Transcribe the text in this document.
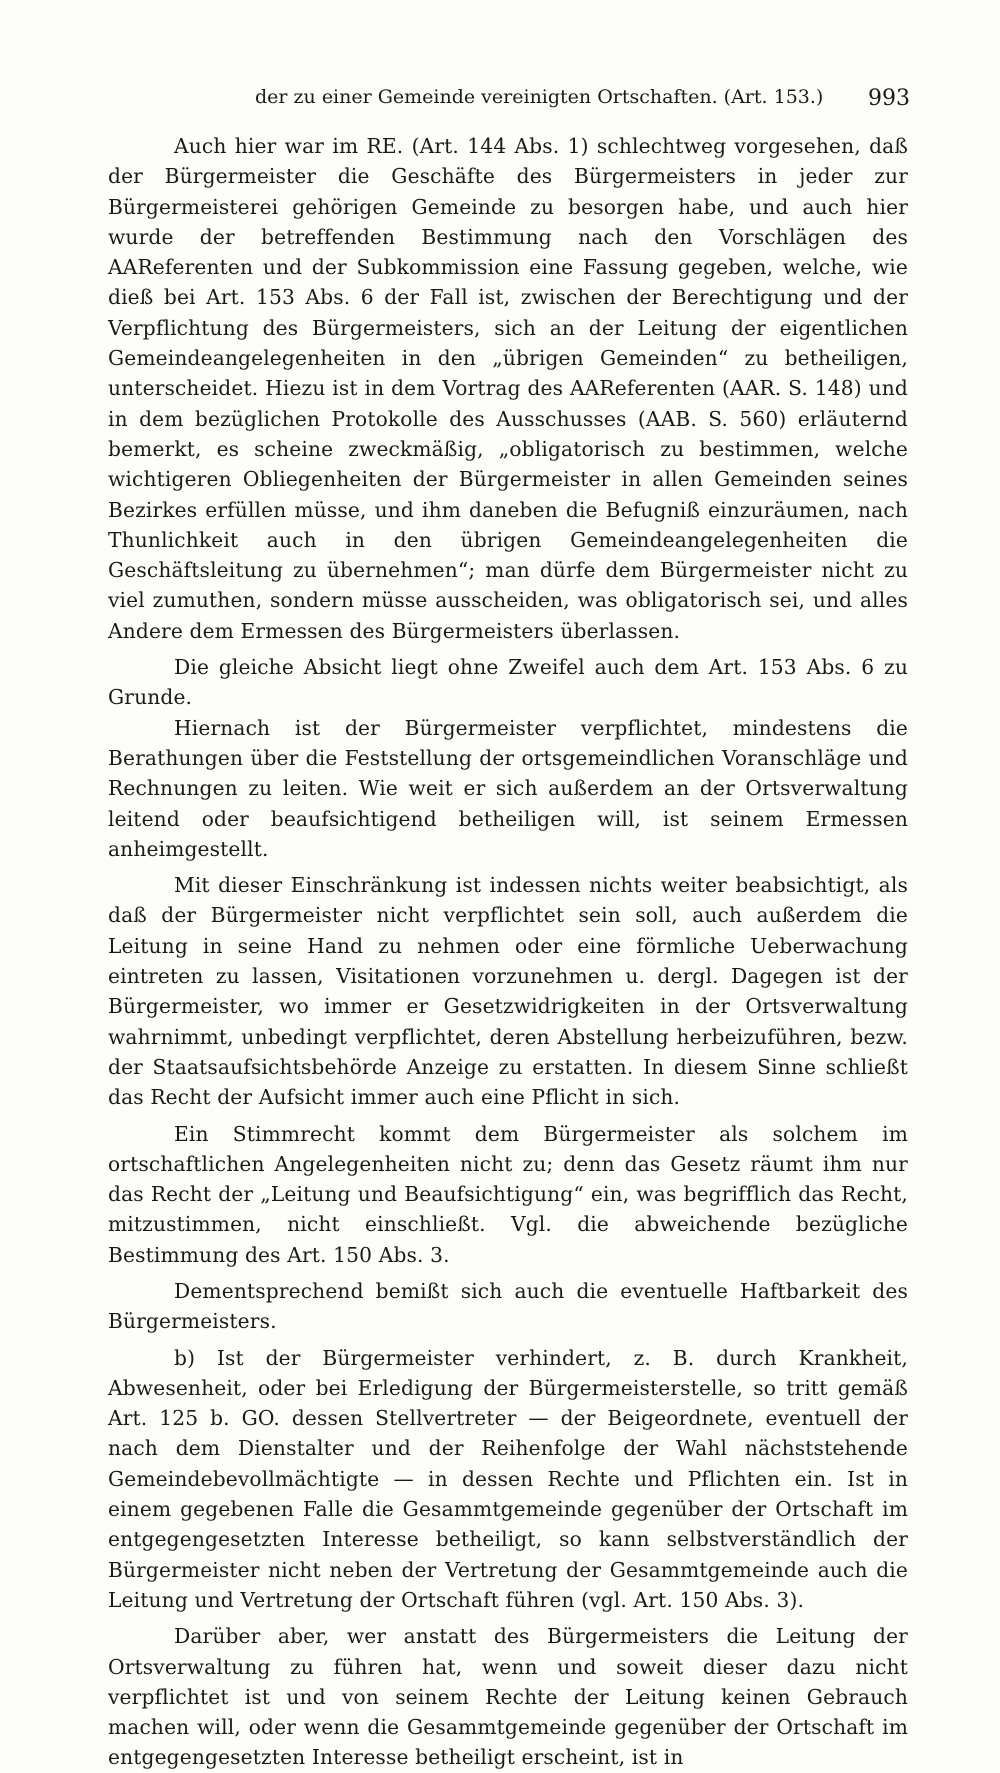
der zu einer Gemeinde vereinigten Ortschaften. (Art. 153.) 993

Auch hier war im RE. (Art. 144 Abs. 1) schlechtweg vorgesehen, daß der Bürgermeister die Geschäfte des Bürgermeisters in jeder zur Bürgermeisterei gehörigen Gemeinde zu besorgen habe, und auch hier wurde der betreffenden Bestimmung nach den Vorschlägen des AAReferenten und der Subkommission eine Fassung gegeben, welche, wie dieß bei Art. 153 Abs. 6 der Fall ist, zwischen der Berechtigung und der Verpflichtung des Bürgermeisters, sich an der Leitung der eigentlichen Gemeindeangelegenheiten in den „übrigen Gemeinden“ zu betheiligen, unterscheidet. Hiezu ist in dem Vortrag des AAReferenten (AAR. S. 148) und in dem bezüglichen Protokolle des Ausschusses (AAB. S. 560) erläuternd bemerkt, es scheine zweckmäßig, „obligatorisch zu bestimmen, welche wichtigeren Obliegenheiten der Bürgermeister in allen Gemeinden seines Bezirkes erfüllen müsse, und ihm daneben die Befugniß einzuräumen, nach Thunlichkeit auch in den übrigen Gemeindeangelegenheiten die Geschäftsleitung zu übernehmen“; man dürfe dem Bürgermeister nicht zu viel zumuthen, sondern müsse ausscheiden, was obligatorisch sei, und alles Andere dem Ermessen des Bürgermeisters überlassen.

Die gleiche Absicht liegt ohne Zweifel auch dem Art. 153 Abs. 6 zu Grunde.

Hiernach ist der Bürgermeister verpflichtet, mindestens die Berathungen über die Feststellung der ortsgemeindlichen Voranschläge und Rechnungen zu leiten. Wie weit er sich außerdem an der Ortsverwaltung leitend oder beaufsichtigend betheiligen will, ist seinem Ermessen anheimgestellt.

Mit dieser Einschränkung ist indessen nichts weiter beabsichtigt, als daß der Bürgermeister nicht verpflichtet sein soll, auch außerdem die Leitung in seine Hand zu nehmen oder eine förmliche Ueberwachung eintreten zu lassen, Visitationen vorzunehmen u. dergl. Dagegen ist der Bürgermeister, wo immer er Gesetzwidrigkeiten in der Ortsverwaltung wahrnimmt, unbedingt verpflichtet, deren Abstellung herbeizuführen, bezw. der Staatsaufsichtsbehörde Anzeige zu erstatten. In diesem Sinne schließt das Recht der Aufsicht immer auch eine Pflicht in sich.

Ein Stimmrecht kommt dem Bürgermeister als solchem im ortschaftlichen Angelegenheiten nicht zu; denn das Gesetz räumt ihm nur das Recht der „Leitung und Beaufsichtigung“ ein, was begrifflich das Recht, mitzustimmen, nicht einschließt. Vgl. die abweichende bezügliche Bestimmung des Art. 150 Abs. 3.

Dementsprechend bemißt sich auch die eventuelle Haftbarkeit des Bürgermeisters.

b) Ist der Bürgermeister verhindert, z. B. durch Krankheit, Abwesenheit, oder bei Erledigung der Bürgermeisterstelle, so tritt gemäß Art. 125 b. GO. dessen Stellvertreter — der Beigeordnete, eventuell der nach dem Dienstalter und der Reihenfolge der Wahl nächststehende Gemeindebevollmächtigte — in dessen Rechte und Pflichten ein. Ist in einem gegebenen Falle die Gesammtgemeinde gegenüber der Ortschaft im entgegengesetzten Interesse betheiligt, so kann selbstverständlich der Bürgermeister nicht neben der Vertretung der Gesammtgemeinde auch die Leitung und Vertretung der Ortschaft führen (vgl. Art. 150 Abs. 3).

Darüber aber, wer anstatt des Bürgermeisters die Leitung der Ortsverwaltung zu führen hat, wenn und soweit dieser dazu nicht verpflichtet ist und von seinem Rechte der Leitung keinen Gebrauch machen will, oder wenn die Gesammtgemeinde gegenüber der Ortschaft im entgegengesetzten Interesse betheiligt erscheint, ist in
